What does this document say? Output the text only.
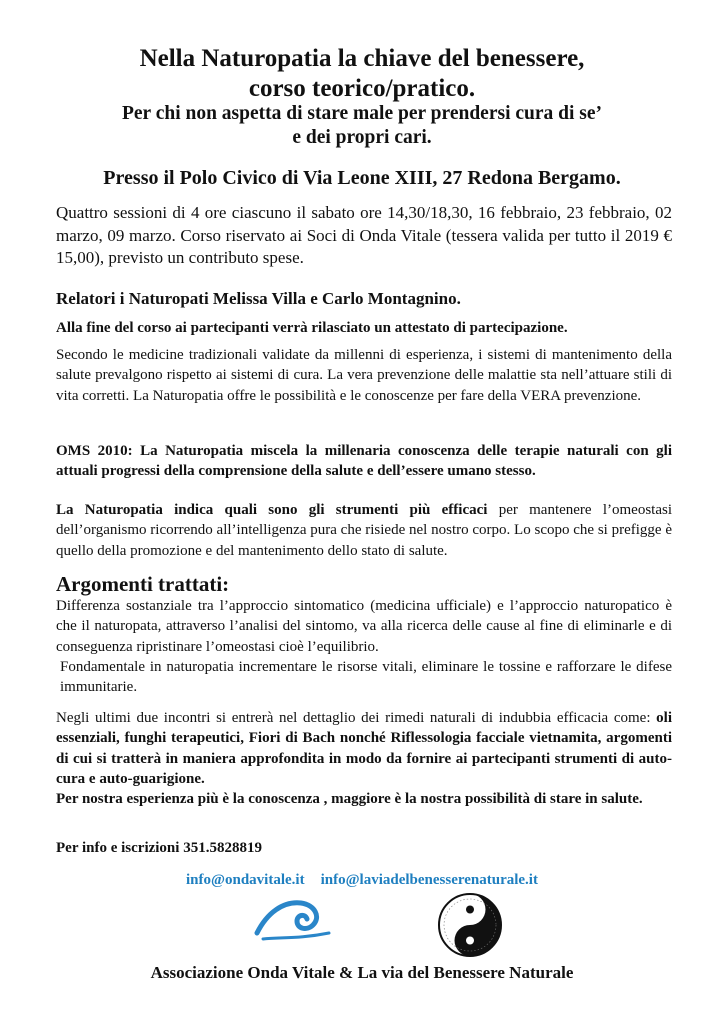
Nella Naturopatia la chiave del benessere,
corso teorico/pratico.
Per chi non aspetta di stare male per prendersi cura di se’
e dei propri cari.
Presso il Polo Civico di Via Leone XIII, 27 Redona Bergamo.
Quattro sessioni di 4 ore ciascuno il sabato ore 14,30/18,30, 16 febbraio, 23 febbraio, 02 marzo, 09 marzo. Corso riservato ai Soci di Onda Vitale (tessera valida per tutto il 2019 € 15,00), previsto un contributo spese.
Relatori i Naturopati Melissa Villa e Carlo Montagnino.
Alla fine del corso ai partecipanti verrà rilasciato un attestato di partecipazione.
Secondo le medicine tradizionali validate da millenni di esperienza, i sistemi di mantenimento della salute prevalgono rispetto ai sistemi di cura. La vera prevenzione delle malattie sta nell’attuare stili di vita corretti. La Naturopatia offre le possibilità e le conoscenze per fare della VERA prevenzione.
OMS 2010: La Naturopatia miscela la millenaria conoscenza delle terapie naturali con gli attuali progressi della comprensione della salute e dell’essere umano stesso.
La Naturopatia indica quali sono gli strumenti più efficaci per mantenere l’omeostasi dell’organismo ricorrendo all’intelligenza pura che risiede nel nostro corpo. Lo scopo che si prefigge è quello della promozione e del mantenimento dello stato di salute.
Argomenti trattati:
Differenza sostanziale tra l’approccio sintomatico (medicina ufficiale) e l’approccio naturopatico è che il naturopata, attraverso l’analisi del sintomo, va alla ricerca delle cause al fine di eliminarle e di conseguenza ripristinare l’omeostasi cioè l’equilibrio.
Fondamentale in naturopatia incrementare le risorse vitali, eliminare le tossine e rafforzare le difese immunitarie.
Negli ultimi due incontri si entrerà nel dettaglio dei rimedi naturali di indubbia efficacia come: oli essenziali, funghi terapeutici, Fiori di Bach nonché Riflessologia facciale vietnamita, argomenti di cui si tratterà in maniera approfondita in modo da fornire ai partecipanti strumenti di auto-cura e auto-guarigione.
Per nostra esperienza più è la conoscenza , maggiore è la nostra possibilità di stare in salute.
Per info e iscrizioni 351.5828819
info@ondavitale.it info@laviadelbenesserenaturale.it
Associazione Onda Vitale & La via del Benessere Naturale
